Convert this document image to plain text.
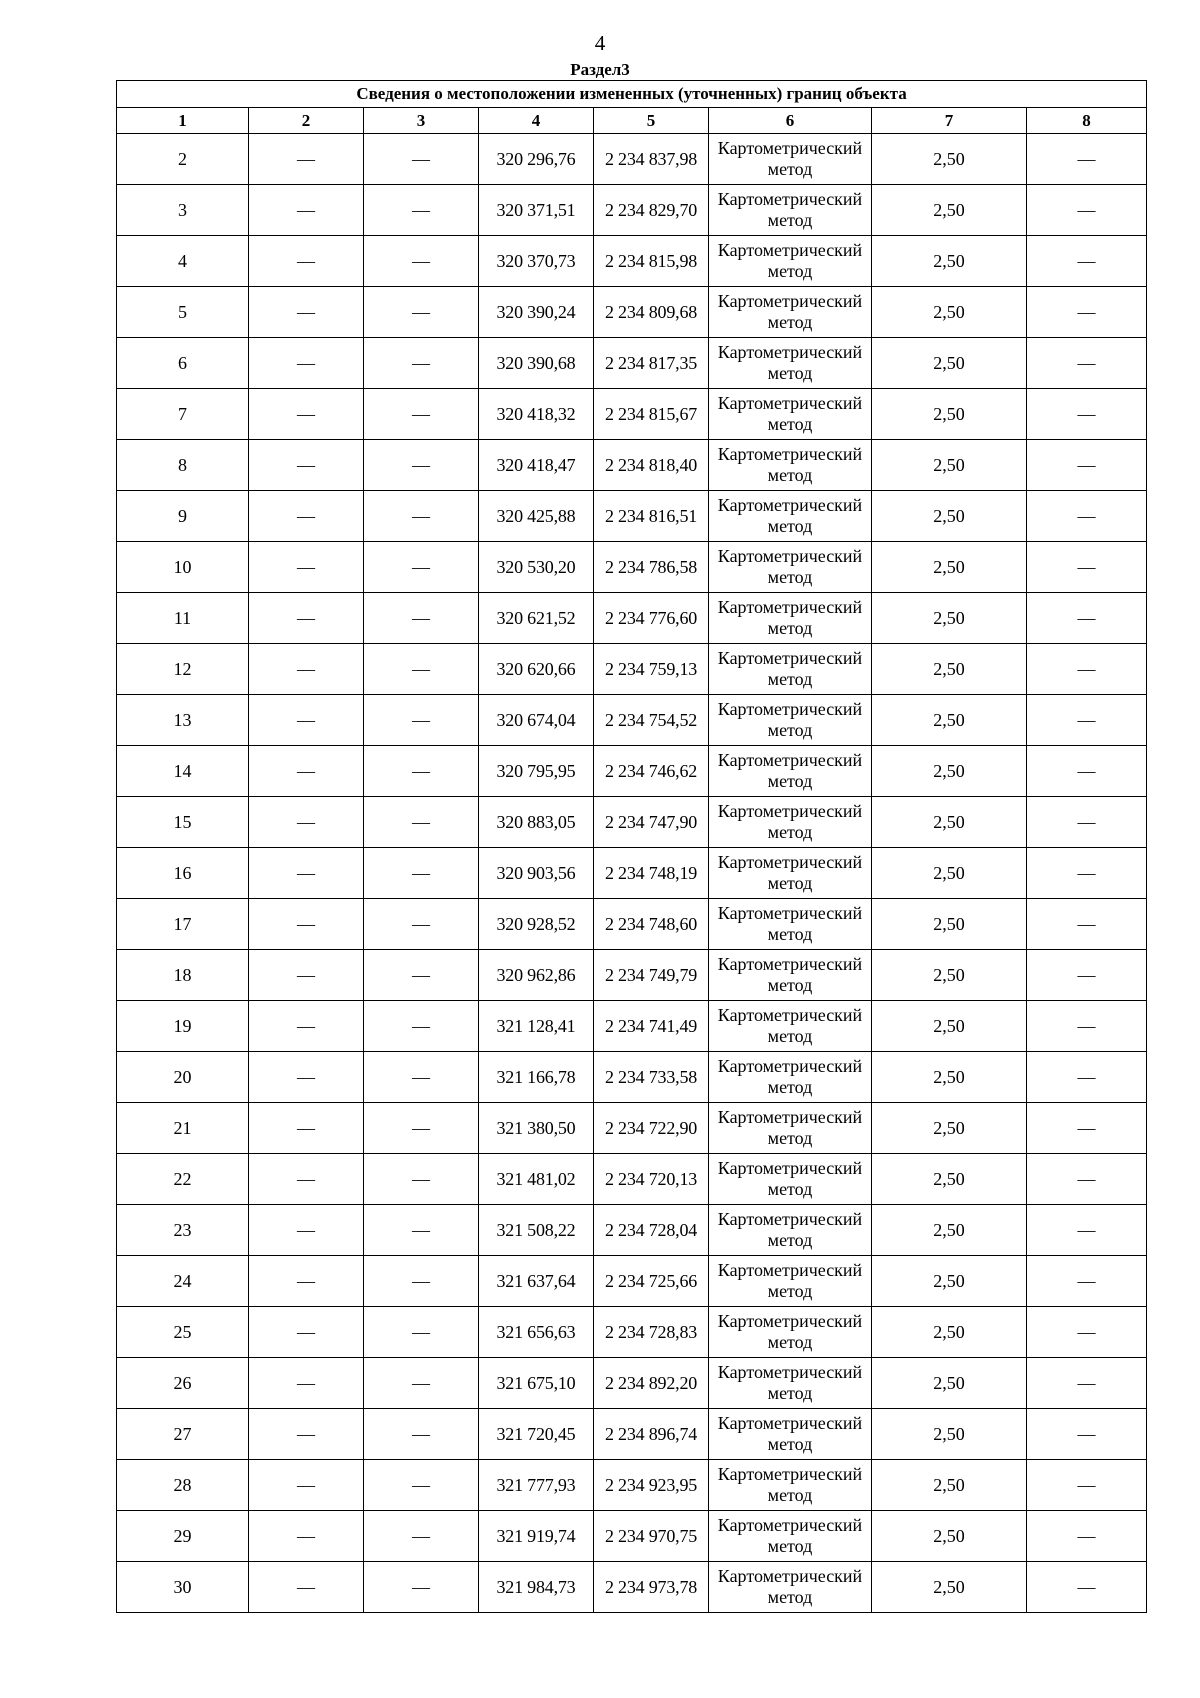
4
Раздел3
Сведения о местоположении измененных (уточненных) границ объекта							
1	2	3	4	5	6	7	8
2	—	—	320 296,76	2 234 837,98	Картометрический метод	2,50	—
3	—	—	320 371,51	2 234 829,70	Картометрический метод	2,50	—
4	—	—	320 370,73	2 234 815,98	Картометрический метод	2,50	—
5	—	—	320 390,24	2 234 809,68	Картометрический метод	2,50	—
6	—	—	320 390,68	2 234 817,35	Картометрический метод	2,50	—
7	—	—	320 418,32	2 234 815,67	Картометрический метод	2,50	—
8	—	—	320 418,47	2 234 818,40	Картометрический метод	2,50	—
9	—	—	320 425,88	2 234 816,51	Картометрический метод	2,50	—
10	—	—	320 530,20	2 234 786,58	Картометрический метод	2,50	—
11	—	—	320 621,52	2 234 776,60	Картометрический метод	2,50	—
12	—	—	320 620,66	2 234 759,13	Картометрический метод	2,50	—
13	—	—	320 674,04	2 234 754,52	Картометрический метод	2,50	—
14	—	—	320 795,95	2 234 746,62	Картометрический метод	2,50	—
15	—	—	320 883,05	2 234 747,90	Картометрический метод	2,50	—
16	—	—	320 903,56	2 234 748,19	Картометрический метод	2,50	—
17	—	—	320 928,52	2 234 748,60	Картометрический метод	2,50	—
18	—	—	320 962,86	2 234 749,79	Картометрический метод	2,50	—
19	—	—	321 128,41	2 234 741,49	Картометрический метод	2,50	—
20	—	—	321 166,78	2 234 733,58	Картометрический метод	2,50	—
21	—	—	321 380,50	2 234 722,90	Картометрический метод	2,50	—
22	—	—	321 481,02	2 234 720,13	Картометрический метод	2,50	—
23	—	—	321 508,22	2 234 728,04	Картометрический метод	2,50	—
24	—	—	321 637,64	2 234 725,66	Картометрический метод	2,50	—
25	—	—	321 656,63	2 234 728,83	Картометрический метод	2,50	—
26	—	—	321 675,10	2 234 892,20	Картометрический метод	2,50	—
27	—	—	321 720,45	2 234 896,74	Картометрический метод	2,50	—
28	—	—	321 777,93	2 234 923,95	Картометрический метод	2,50	—
29	—	—	321 919,74	2 234 970,75	Картометрический метод	2,50	—
30	—	—	321 984,73	2 234 973,78	Картометрический метод	2,50	—
